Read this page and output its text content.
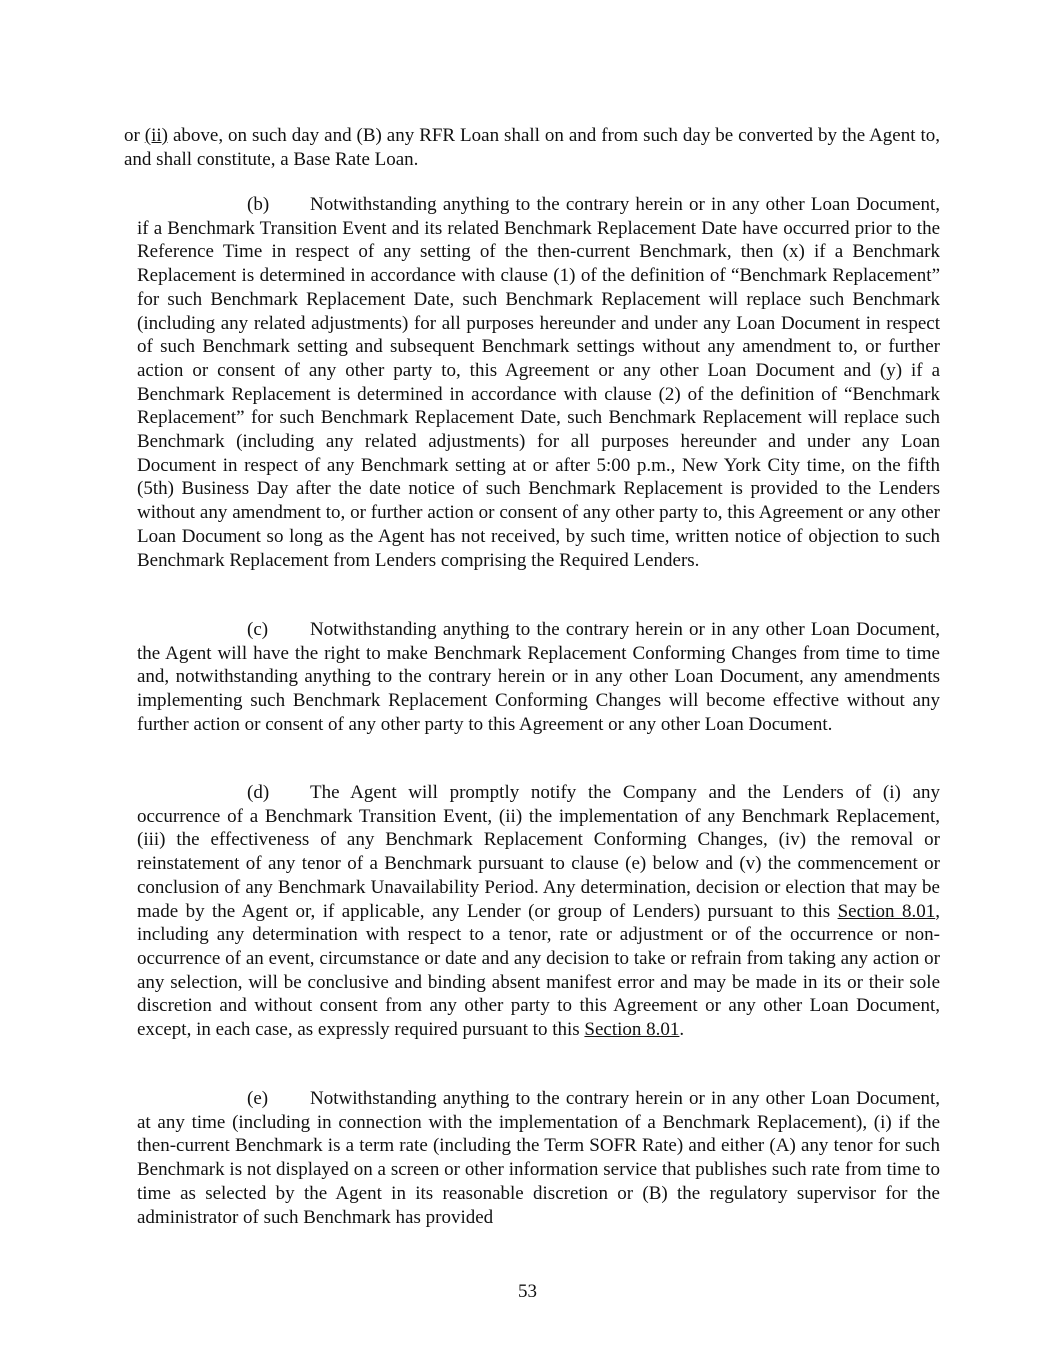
or (ii) above, on such day and (B) any RFR Loan shall on and from such day be converted by the Agent to, and shall constitute, a Base Rate Loan.

(b) Notwithstanding anything to the contrary herein or in any other Loan Document, if a Benchmark Transition Event and its related Benchmark Replacement Date have occurred prior to the Reference Time in respect of any setting of the then-current Benchmark, then (x) if a Benchmark Replacement is determined in accordance with clause (1) of the definition of “Benchmark Replacement” for such Benchmark Replacement Date, such Benchmark Replacement will replace such Benchmark (including any related adjustments) for all purposes hereunder and under any Loan Document in respect of such Benchmark setting and subsequent Benchmark settings without any amendment to, or further action or consent of any other party to, this Agreement or any other Loan Document and (y) if a Benchmark Replacement is determined in accordance with clause (2) of the definition of “Benchmark Replacement” for such Benchmark Replacement Date, such Benchmark Replacement will replace such Benchmark (including any related adjustments) for all purposes hereunder and under any Loan Document in respect of any Benchmark setting at or after 5:00 p.m., New York City time, on the fifth (5th) Business Day after the date notice of such Benchmark Replacement is provided to the Lenders without any amendment to, or further action or consent of any other party to, this Agreement or any other Loan Document so long as the Agent has not received, by such time, written notice of objection to such Benchmark Replacement from Lenders comprising the Required Lenders.

(c) Notwithstanding anything to the contrary herein or in any other Loan Document, the Agent will have the right to make Benchmark Replacement Conforming Changes from time to time and, notwithstanding anything to the contrary herein or in any other Loan Document, any amendments implementing such Benchmark Replacement Conforming Changes will become effective without any further action or consent of any other party to this Agreement or any other Loan Document.

(d) The Agent will promptly notify the Company and the Lenders of (i) any occurrence of a Benchmark Transition Event, (ii) the implementation of any Benchmark Replacement, (iii) the effectiveness of any Benchmark Replacement Conforming Changes, (iv) the removal or reinstatement of any tenor of a Benchmark pursuant to clause (e) below and (v) the commencement or conclusion of any Benchmark Unavailability Period. Any determination, decision or election that may be made by the Agent or, if applicable, any Lender (or group of Lenders) pursuant to this Section 8.01, including any determination with respect to a tenor, rate or adjustment or of the occurrence or non-occurrence of an event, circumstance or date and any decision to take or refrain from taking any action or any selection, will be conclusive and binding absent manifest error and may be made in its or their sole discretion and without consent from any other party to this Agreement or any other Loan Document, except, in each case, as expressly required pursuant to this Section 8.01.

(e) Notwithstanding anything to the contrary herein or in any other Loan Document, at any time (including in connection with the implementation of a Benchmark Replacement), (i) if the then-current Benchmark is a term rate (including the Term SOFR Rate) and either (A) any tenor for such Benchmark is not displayed on a screen or other information service that publishes such rate from time to time as selected by the Agent in its reasonable discretion or (B) the regulatory supervisor for the administrator of such Benchmark has provided

53
